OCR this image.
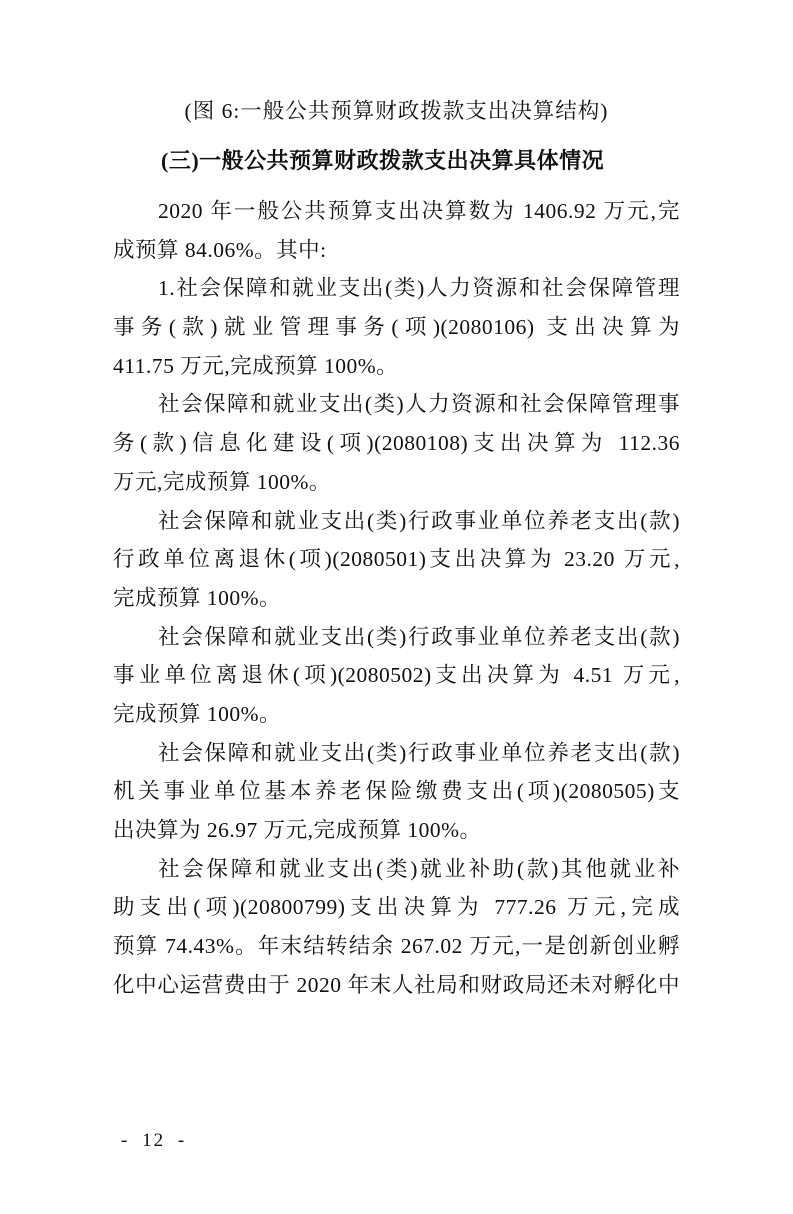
(图 6:一般公共预算财政拨款支出决算结构)
(三)一般公共预算财政拨款支出决算具体情况
2020 年一般公共预算支出决算数为 1406.92 万元,完
成预算 84.06%。其中:
1.社会保障和就业支出(类)人力资源和社会保障管理
事务(款)就业管理事务(项)(2080106) 支出决算为
411.75 万元,完成预算 100%。
社会保障和就业支出(类)人力资源和社会保障管理事
务(款)信息化建设(项)(2080108)支出决算为 112.36
万元,完成预算 100%。
社会保障和就业支出(类)行政事业单位养老支出(款)
行政单位离退休(项)(2080501)支出决算为 23.20 万元,
完成预算 100%。
社会保障和就业支出(类)行政事业单位养老支出(款)
事业单位离退休(项)(2080502)支出决算为 4.51 万元,
完成预算 100%。
社会保障和就业支出(类)行政事业单位养老支出(款)
机关事业单位基本养老保险缴费支出(项)(2080505)支
出决算为 26.97 万元,完成预算 100%。
社会保障和就业支出(类)就业补助(款)其他就业补
助支出(项)(20800799)支出决算为 777.26 万元,完成
预算 74.43%。年末结转结余 267.02 万元,一是创新创业孵
化中心运营费由于 2020 年末人社局和财政局还未对孵化中
- 12 -
